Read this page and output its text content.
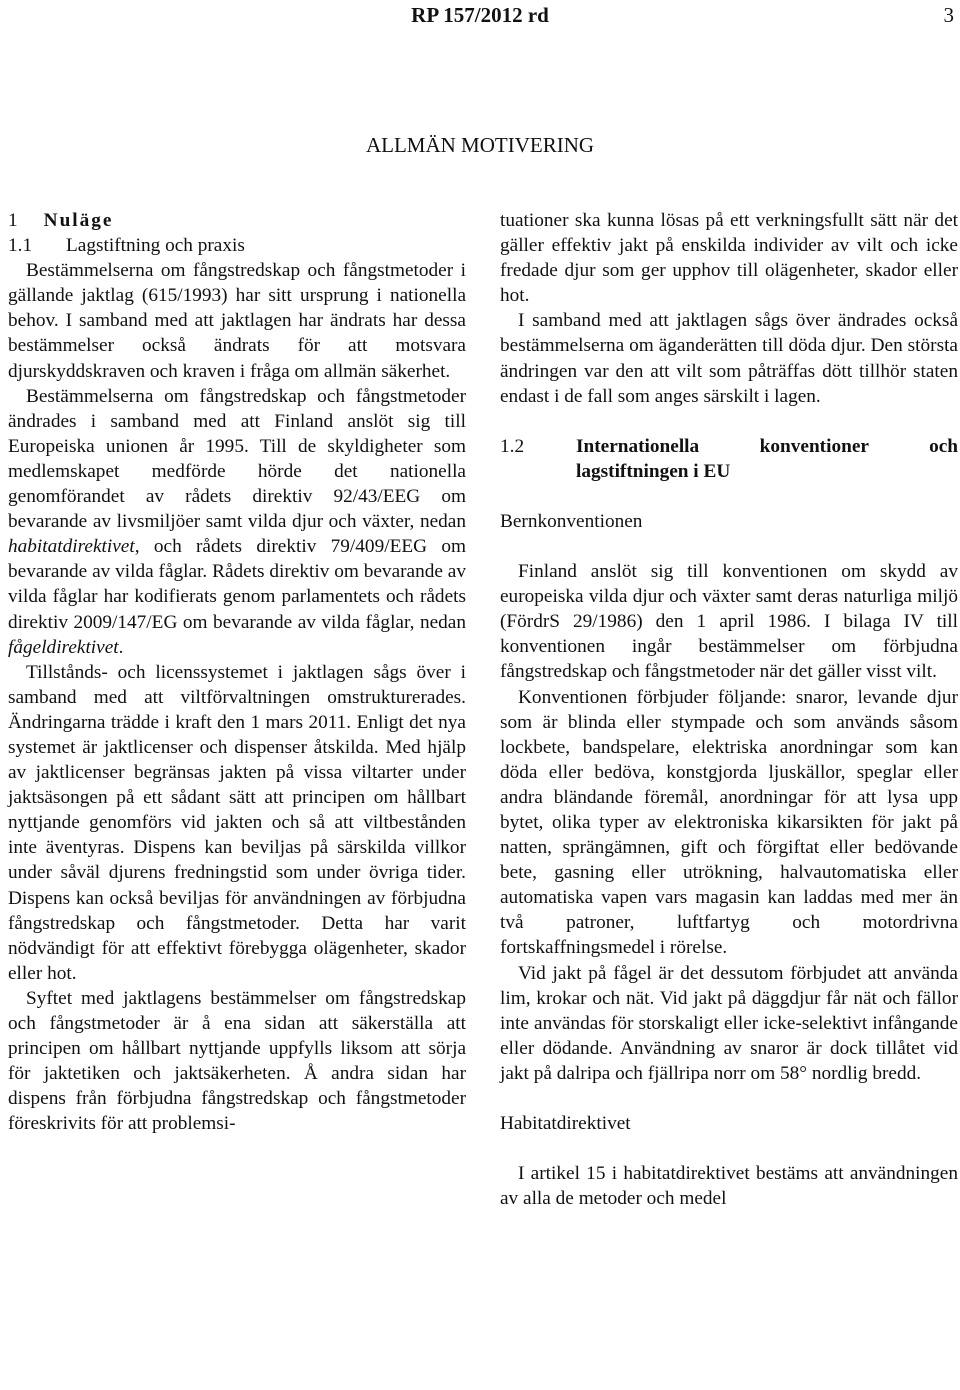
RP 157/2012 rd	3
ALLMÄN MOTIVERING

1 Nuläge

1.1 Lagstiftning och praxis

Bestämmelserna om fångstredskap och fångstmetoder i gällande jaktlag (615/1993) har sitt ursprung i nationella behov. I samband med att jaktlagen har ändrats har dessa bestämmelser också ändrats för att motsvara djurskyddskraven och kraven i fråga om allmän säkerhet.

Bestämmelserna om fångstredskap och fångstmetoder ändrades i samband med att Finland anslöt sig till Europeiska unionen år 1995. Till de skyldigheter som medlemskapet medförde hörde det nationella genomförandet av rådets direktiv 92/43/EEG om bevarande av livsmiljöer samt vilda djur och växter, nedan habitatdirektivet, och rådets direktiv 79/409/EEG om bevarande av vilda fåglar. Rådets direktiv om bevarande av vilda fåglar har kodifierats genom parlamentets och rådets direktiv 2009/147/EG om bevarande av vilda fåglar, nedan fågeldirektivet.

Tillstånds- och licenssystemet i jaktlagen sågs över i samband med att viltförvaltningen omstrukturerades. Ändringarna trädde i kraft den 1 mars 2011. Enligt det nya systemet är jaktlicenser och dispenser åtskilda. Med hjälp av jaktlicenser begränsas jakten på vissa viltarter under jaktsäsongen på ett sådant sätt att principen om hållbart nyttjande genomförs vid jakten och så att viltbestånden inte äventyras. Dispens kan beviljas på särskilda villkor under såväl djurens fredningstid som under övriga tider. Dispens kan också beviljas för användningen av förbjudna fångstredskap och fångstmetoder. Detta har varit nödvändigt för att effektivt förebygga olägenheter, skador eller hot.

Syftet med jaktlagens bestämmelser om fångstredskap och fångstmetoder är å ena sidan att säkerställa att principen om hållbart nyttjande uppfylls liksom att sörja för jaktetiken och jaktsäkerheten. Å andra sidan har dispens från förbjudna fångstredskap och fångstmetoder föreskrivits för att problemsi-

tuationer ska kunna lösas på ett verkningsfullt sätt när det gäller effektiv jakt på enskilda individer av vilt och icke fredade djur som ger upphov till olägenheter, skador eller hot.

I samband med att jaktlagen sågs över ändrades också bestämmelserna om äganderätten till döda djur. Den största ändringen var den att vilt som påträffas dött tillhör staten endast i de fall som anges särskilt i lagen.

1.2	Internationella konventioner och
lagstiftningen i EU

Bernkonventionen

Finland anslöt sig till konventionen om skydd av europeiska vilda djur och växter samt deras naturliga miljö (FördrS 29/1986) den 1 april 1986. I bilaga IV till konventionen ingår bestämmelser om förbjudna fångstredskap och fångstmetoder när det gäller visst vilt.

Konventionen förbjuder följande: snaror, levande djur som är blinda eller stympade och som används såsom lockbete, bandspelare, elektriska anordningar som kan döda eller bedöva, konstgjorda ljuskällor, speglar eller andra bländande föremål, anordningar för att lysa upp bytet, olika typer av elektroniska kikarsikten för jakt på natten, sprängämnen, gift och förgiftat eller bedövande bete, gasning eller utrökning, halvautomatiska eller automatiska vapen vars magasin kan laddas med mer än två patroner, luftfartyg och motordrivna fortskaffningsmedel i rörelse.

Vid jakt på fågel är det dessutom förbjudet att använda lim, krokar och nät. Vid jakt på däggdjur får nät och fällor inte användas för storskaligt eller icke-selektivt infångande eller dödande. Användning av snaror är dock tillåtet vid jakt på dalripa och fjällripa norr om 58° nordlig bredd.

Habitatdirektivet

I artikel 15 i habitatdirektivet bestäms att användningen av alla de metoder och medel
